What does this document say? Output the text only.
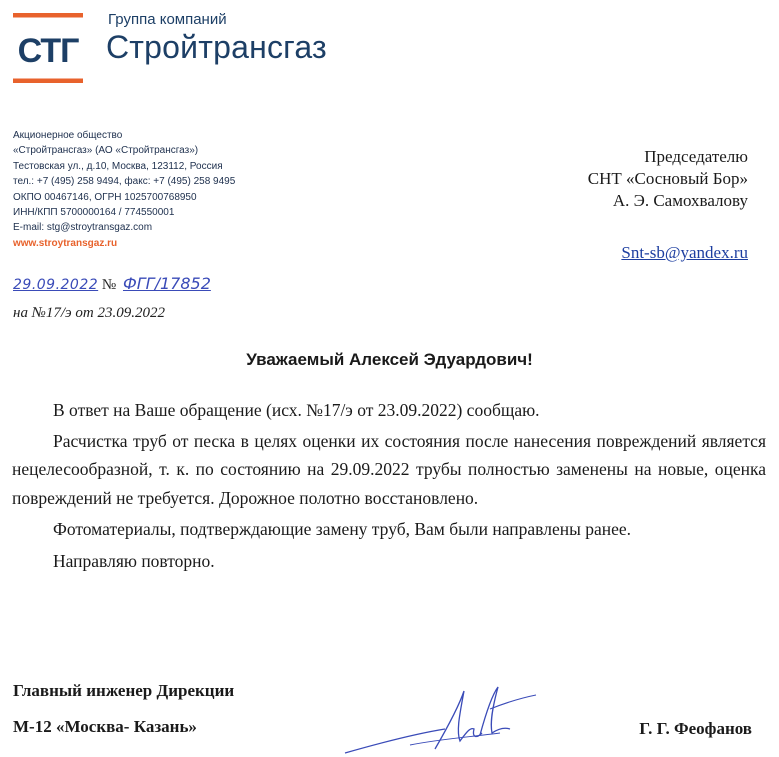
СТГ
Группа компаний
Стройтрансгаз
Акционерное общество
«Стройтрансгаз» (АО «Стройтрансгаз»)
Тестовская ул., д.10, Москва, 123112, Россия
тел.: +7 (495) 258 9494, факс: +7 (495) 258 9495
ОКПО 00467146, ОГРН 1025700768950
ИНН/КПП 5700000164 / 774550001
E-mail: stg@stroytransgaz.com
www.stroytransgaz.ru
Председателю
СНТ «Сосновый Бор»
А. Э. Самохвалову
Snt-sb@yandex.ru
29.09.2022 № ФГГ/17852
на №17/э от 23.09.2022
Уважаемый Алексей Эдуардович!

В ответ на Ваше обращение (исх. №17/э от 23.09.2022) сообщаю.

Расчистка труб от песка в целях оценки их состояния после нанесения повреждений является нецелесообразной, т. к. по состоянию на 29.09.2022 трубы полностью заменены на новые, оценка повреждений не требуется. Дорожное полотно восстановлено.

Фотоматериалы, подтверждающие замену труб, Вам были направлены ранее.

Направляю повторно.

Главный инженер Дирекции
М-12 «Москва- Казань»	Г. Г. Феофанов
